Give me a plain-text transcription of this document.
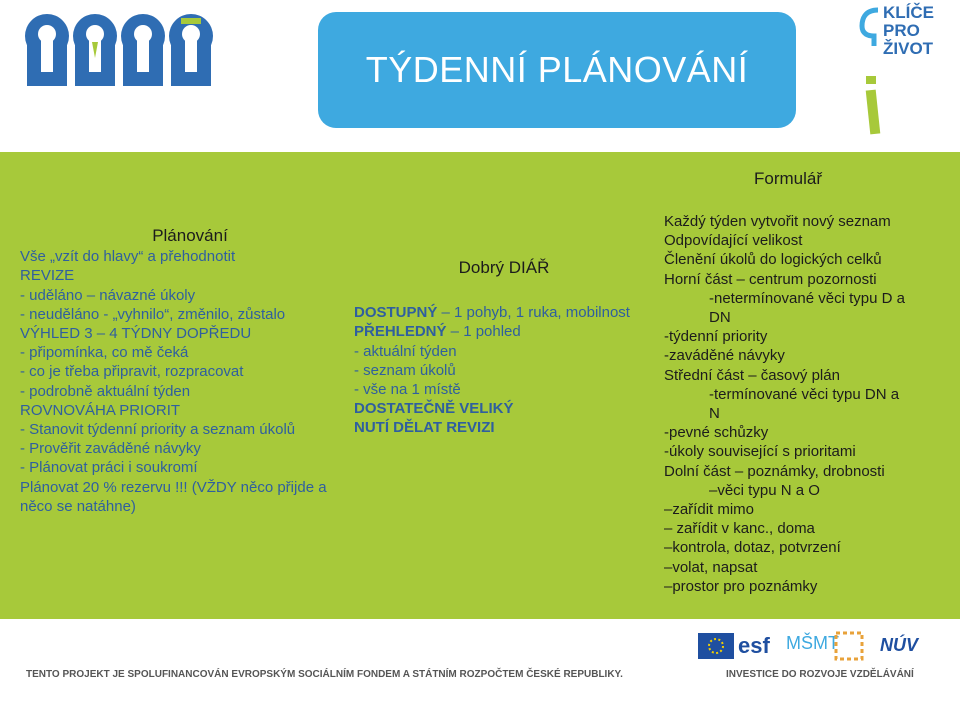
TÝDENNÍ PLÁNOVÁNÍ
KLÍČE
PRO
ŽIVOT
Formulář

Plánování

Vše „vzít do hlavy“ a přehodnotit

REVIZE

- uděláno – návazné úkoly

- neuděláno - „vyhnilo“, změnilo, zůstalo

VÝHLED 3 – 4 TÝDNY DOPŘEDU

- připomínka, co mě čeká

- co je třeba připravit, rozpracovat

- podrobně aktuální týden

ROVNOVÁHA PRIORIT

- Stanovit týdenní priority a seznam úkolů

- Prověřit zaváděné návyky

- Plánovat práci i soukromí

Plánovat 20 % rezervu !!! (VŽDY něco přijde a

něco se natáhne)

Dobrý DIÁŘ

DOSTUPNÝ – 1 pohyb, 1 ruka, mobilnost

PŘEHLEDNÝ – 1 pohled

- aktuální týden

- seznam úkolů

- vše na 1 místě

DOSTATEČNĚ VELIKÝ

NUTÍ DĚLAT REVIZI

Každý týden vytvořit nový seznam

Odpovídající velikost

Členění úkolů do logických celků

Horní část – centrum pozornosti

-netermínované věci typu D a

DN

-týdenní priority

-zaváděné návyky

Střední část – časový plán

-termínované věci typu DN a

N

-pevné schůzky

-úkoly související s prioritami

Dolní část – poznámky, drobnosti

–věci typu N a O

–zařídit mimo

– zařídit v kanc., doma

–kontrola, dotaz, potvrzení

–volat, napsat

–prostor pro poznámky

TENTO PROJEKT JE SPOLUFINANCOVÁN EVROPSKÝM SOCIÁLNÍM FONDEM A STÁTNÍM ROZPOČTEM ČESKÉ REPUBLIKY.	INVESTICE DO ROZVOJE VZDĚLÁVÁNÍ
esf MŠMT NÚV
